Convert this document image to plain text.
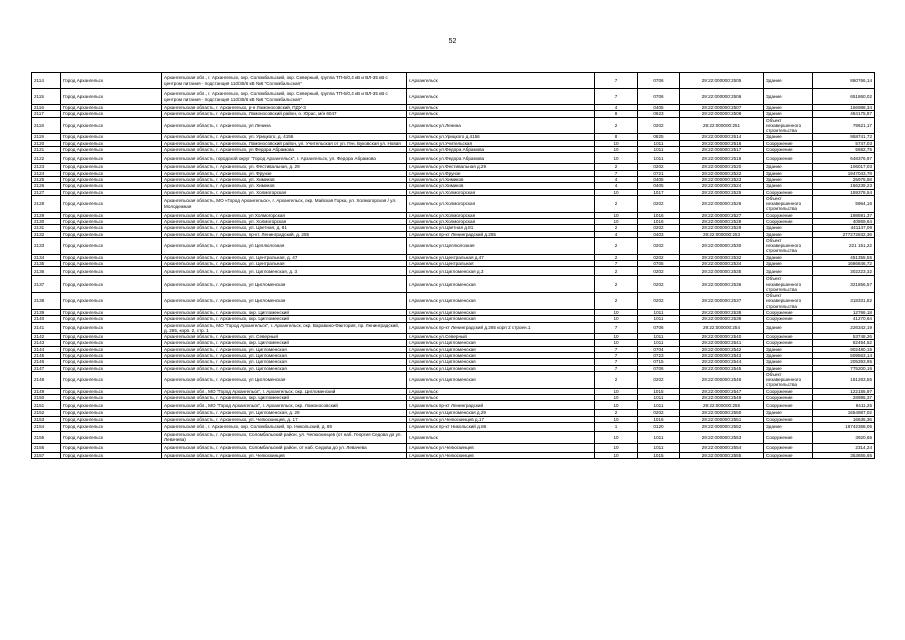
52
2114	Город Архангельск	Архангельская обл., г. Архангельск, окр. Соломбальский, окр. Северный, группа ТП-6/0,4 кВ и ВЛ-35 кВ с центром питания - подстанция 110/35/6 кВ №6 "Соломбальская"	г.Архангельск	7	0706	29:22:000000:2505	Здание	860766,14
2115	Город Архангельск	Архангельская обл., г. Архангельск, окр. Соломбальский, окр. Северный, группа ТП-6/0,4 кВ и ВЛ-35 кВ с центром питания - подстанция 110/35/6 кВ №6 "Соломбальская"	г.Архангельск	7	0706	29:22:000000:2506	Здание	651860,02
2116	Город Архангельск	Архангельская область, г. Архангельск, р-н Ломоносовский, ПДУ-3	г.Архангельск	4	0405	29:22:000000:2507	Здание	156988,34
2117	Город Архангельск	Архангельская область, г. Архангельск, Ломоносовский район, о. Юрас, м/н 6047	г.Архангельск	8	0623	29:22:000000:2508	Здание	484175,87
2118	Город Архангельск	Архангельская область, г. Архангельск, ул Ленина	г.Архангельск ул.Ленина	2	0202	29:22:000000:251	Объект незавершенного строительства	79621,17
2119	Город Архангельск	Архангельская область, г. Архангельск, ул. Урицкого, д. 4156	г.Архангельск ул.Урицкого д.4156	8	0825	29:22:000000:2514	Здание	958741,72
2120	Город Архангельск	Архангельская область, г. Архангельск, Ломоносовский район, ул. Учительская от ул. Ген. Буковская ул. Новая	г.Архангельск ул.Учительская	10	1011	29:22:000000:2516	Сооружение	5747,03
2121	Город Архангельск	Архангельская область, г. Архангельск, ул Федора Абрамова	г.Архангельск ул.Федора Абрамова	10	1011	29:22:000000:2517	Сооружение	5682,75
2122	Город Архангельск	Архангельская область, городской округ "Город Архангельск", г. Архангельск, ул. Федора Абрамова	г.Архангельск ул.Федора Абрамова	10	1011	29:22:000000:2518	Сооружение	648376,97
2123	Город Архангельск	Архангельская область, г. Архангельск, ул. Фестивальная, д. 29	г.Архангельск ул.Фестивальная д.29	2	0202	29:22:000000:2520	Здание	106017,03
2124	Город Архангельск	Архангельская область, г. Архангельск, ул. Фрунзе	г.Архангельск ул.Фрунзе	7	0721	29:22:000000:2522	Здание	1947043,78
2125	Город Архангельск	Архангельская область, г. Архангельск, ул. Химиков	г.Архангельск ул.Химиков	4	0405	29:22:000000:2523	Здание	25975,58
2126	Город Архангельск	Архангельская область, г. Архангельск, ул. Химиков	г.Архангельск ул.Химиков	4	0405	29:22:000000:2524	Здание	156239,23
2127	Город Архангельск	Архангельская область, г. Архангельск, ул. Холмогорская	г.Архангельск ул.Холмогорская	10	1017	29:22:000000:2525	Сооружение	159378,54
2128	Город Архангельск	Архангельская область, МО «Город Архангельск», г. Архангельск, окр. Майская Горка, ул. Холмогорская / ул. Молодежная	г.Архангельск ул.Холмогорская	2	0202	29:22:000000:2526	Объект незавершенного строительства	5964,16
2129	Город Архангельск	Архангельская область, г. Архангельск, ул Холмогорская	г.Архангельск ул.Холмогорская	10	1016	29:22:000000:2527	Сооружение	198591,37
2130	Город Архангельск	Архангельская область, г. Архангельск, ул. Холмогорская	г.Архангельск ул.Холмогорская	10	1016	29:22:000000:2528	Сооружение	40869,64
2131	Город Архангельск	Архангельская область, г. Архангельск, ул. Цветная, д. 81	г.Архангельск ул.Цветная д.81	2	0202	29:22:000000:2529	Здание	441147,09
2132	Город Архангельск	Архангельская область, г. Архангельск, пр-кт. Ленинградский, д. 255	г.Архангельск пр-кт Ленинградский д.255	4	0403	29:22:000000:253	Здание	277272832,36
2133	Город Архангельск	Архангельская область, г. Архангельск, ул Целлюлозная	г.Архангельск ул.Целлюлозная	2	0202	29:22:000000:2530	Объект незавершенного строительства	221 151,22
2134	Город Архангельск	Архангельская область, г. Архангельск, ул. Центральная, д. 47	г.Архангельск ул.Центральная д.47	2	0202	29:22:000000:2532	Здание	451355,55
2135	Город Архангельск	Архангельская область, г. Архангельск, ул. Центральная	г.Архангельск ул.Центральная	7	0705	29:22:000000:2534	Здание	1686846,72
2136	Город Архангельск	Архангельская область, г. Архангельск, ул. Цигломенская, д. 3	г.Архангельск ул.Цигломенская д.3	2	0202	29:22:000000:2535	Здание	302223,32
2137	Город Архангельск	Архангельская область, г. Архангельск, ул Цигломенская	г.Архангельск ул.Цигломенская	2	0202	29:22:000000:2536	Объект незавершенного строительства	321856,57
2138	Город Архангельск	Архангельская область, г. Архангельск, ул Цигломенская	г.Архангельск ул.Цигломенская	2	0202	29:22:000000:2537	Объект незавершенного строительства	318331,82
2139	Город Архангельск	Архангельская область, г. Архангельск, окр. Цигломенский	г.Архангельск ул.Цигломенская	10	1011	29:22:000000:2538	Сооружение	12786,18
2140	Город Архангельск	Архангельская область, г. Архангельск, окр. Цигломенский	г.Архангельск ул.Цигломенская	10	1011	29:22:000000:2539	Сооружение	41270,64
2141	Город Архангельск	Архангельская область, МО "Город Архангельск", г. Архангельск, окр. Варавино-Фактория, пр. Ленинградский, д. 265, корп. 2, стр. 1	г.Архангельск пр-кт Ленинградский д.265 корп 2 строен.1	7	0706	29:22:000000:254	Здание	226342,19
2142	Город Архангельск	Архангельская область, г. Архангельск, ул. Северный	г.Архангельск ул.Северный	10	1011	29:22:000000:2540	Сооружение	53748,26
2143	Город Архангельск	Архангельская область, г. Архангельск, окр. Цигломенский	г.Архангельск ул.Цигломенская	10	1011	29:22:000000:2541	Сооружение	82494,52
2144	Город Архангельск	Архангельская область, г. Архангельск, ул. Цигломенская	г.Архангельск ул.Цигломенская	7	0704	29:22:000000:2542	Здание	902480,15
2145	Город Архангельск	Архангельская область, г. Архангельск, ул. Цигломенская	г.Архангельск ул.Цигломенская	7	0723	29:22:000000:2543	Здание	509563,14
2146	Город Архангельск	Архангельская область, г. Архангельск, ул. Цигломенская	г.Архангельск ул.Цигломенская	7	0715	29:22:000000:2544	Здание	205393,85
2147	Город Архангельск	Архангельская область, г. Архангельск, ул. Цигломенская	г.Архангельск ул.Цигломенская	7	0706	29:22:000000:2545	Здание	775200,16
2148	Город Архангельск	Архангельская область, г. Архангельск, ул Цигломенская	г.Архангельск ул.Цигломенская	2	0202	29:22:000000:2546	Объект незавершенного строительства	181263,55
2149	Город Архангельск	Архангельская обл., МО "Город Архангельск", г. Архангельск, окр. Цигломенский	г.Архангельск	10	1015	29:22:000000:2547	Сооружение	122155,97
2150	Город Архангельск	Архангельская область, г. Архангельск, окр. Цигломенский	г.Архангельск	10	1011	29:22:000000:2549	Сооружение	28985,37
2151	Город Архангельск	Архангельская обл., МО "Город Архангельск", г. Архангельск, окр. Ломоносовский	г.Архангельск пр-кт Ленинградский	10	1011	29:22:000000:255	Сооружение	9411,25
2152	Город Архангельск	Архангельская область, г. Архангельск, ул. Цигломенская, д. 29	г.Архангельск ул.Цигломенская д.29	2	0202	29:22:000000:2550	Здание	1654987,02
2153	Город Архангельск	Архангельская область, г. Архангельск, ул. Челюскинцев, д. 17	г.Архангельск ул.Челюскинцев д.17	10	1016	29:22:000000:2551	Сооружение	16635,36
2154	Город Архангельск	Архангельская обл., г. Архангельск, окр. Соломбальский, пр. Никольский, д. 86	г.Архангельск пр-кт Никольский д.86	1	0120	29:22:000000:2552	Здание	16742368,05
2155	Город Архангельск	Архангельская область, г. Архангельск, Соломбальский район, ул. Челюскинцев (от наб. Георгия Седова до ул. Левачева)	г.Архангельск	10	1011	29:22:000000:2553	Сооружение	3920,65
2156	Город Архангельск	Архангельская область, г. Архангельск, Соломбальский район, от наб. Седова до ул. Левачева	г.Архангельск ул.Челюскинцев	10	1011	29:22:000000:2554	Сооружение	2314,24
2157	Город Архангельск	Архангельская область, г. Архангельск, ул. Челюскинцев	г.Архангельск ул.Челюскинцев	10	1015	29:22:000000:2555	Сооружение	353655,65
